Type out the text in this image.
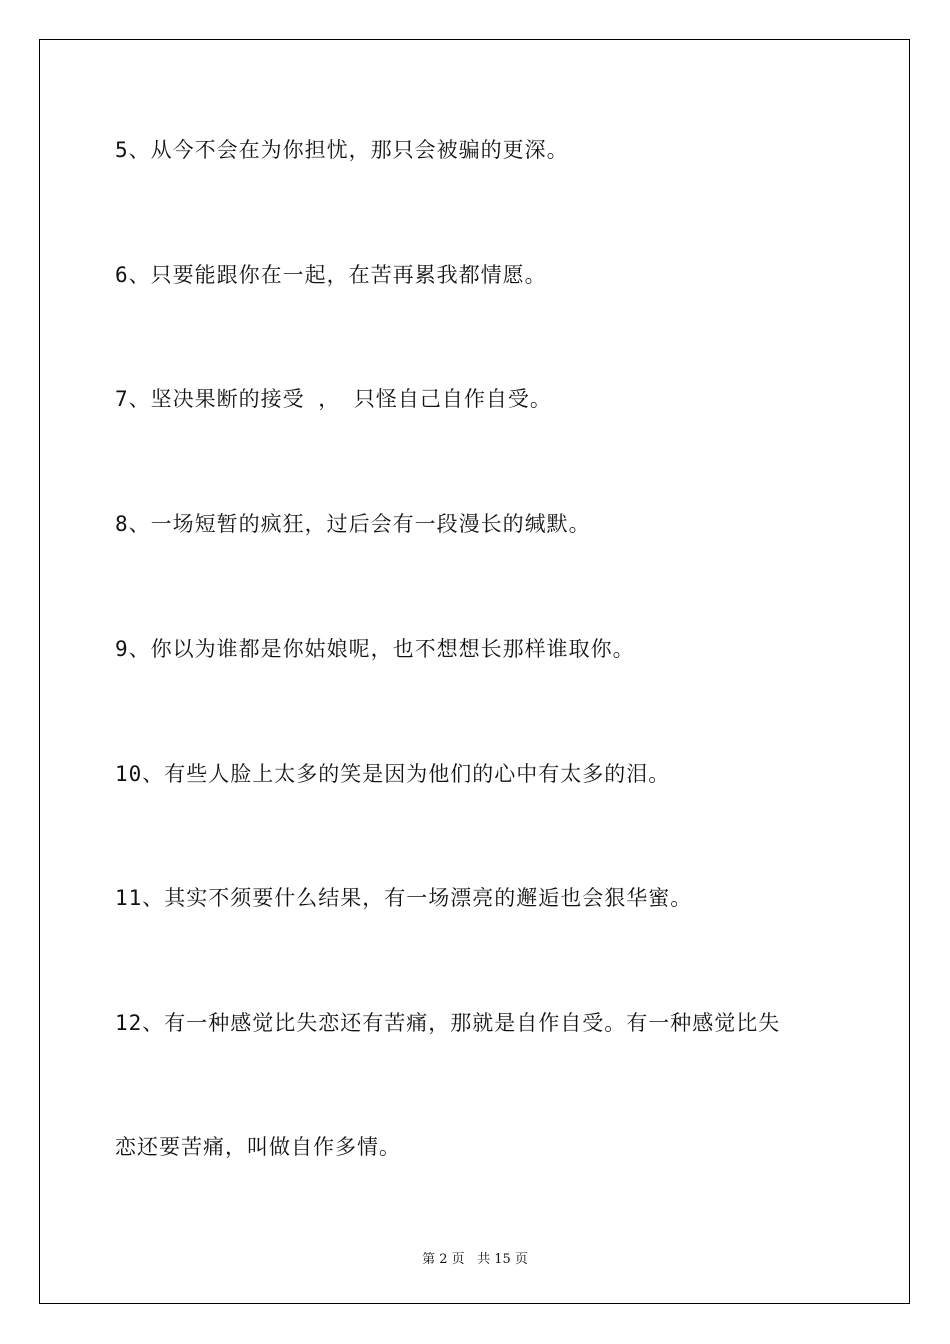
5、从今不会在为你担忧，那只会被骗的更深。
6、只要能跟你在一起，在苦再累我都情愿。
7、坚决果断的接受 ， 只怪自己自作自受。
8、一场短暂的疯狂，过后会有一段漫长的缄默。
9、你以为谁都是你姑娘呢，也不想想长那样谁取你。
10、有些人脸上太多的笑是因为他们的心中有太多的泪。
11、其实不须要什么结果，有一场漂亮的邂逅也会狠华蜜。
12、有一种感觉比失恋还有苦痛，那就是自作自受。有一种感觉比失
恋还要苦痛，叫做自作多情。
第 2 页 共 15 页
